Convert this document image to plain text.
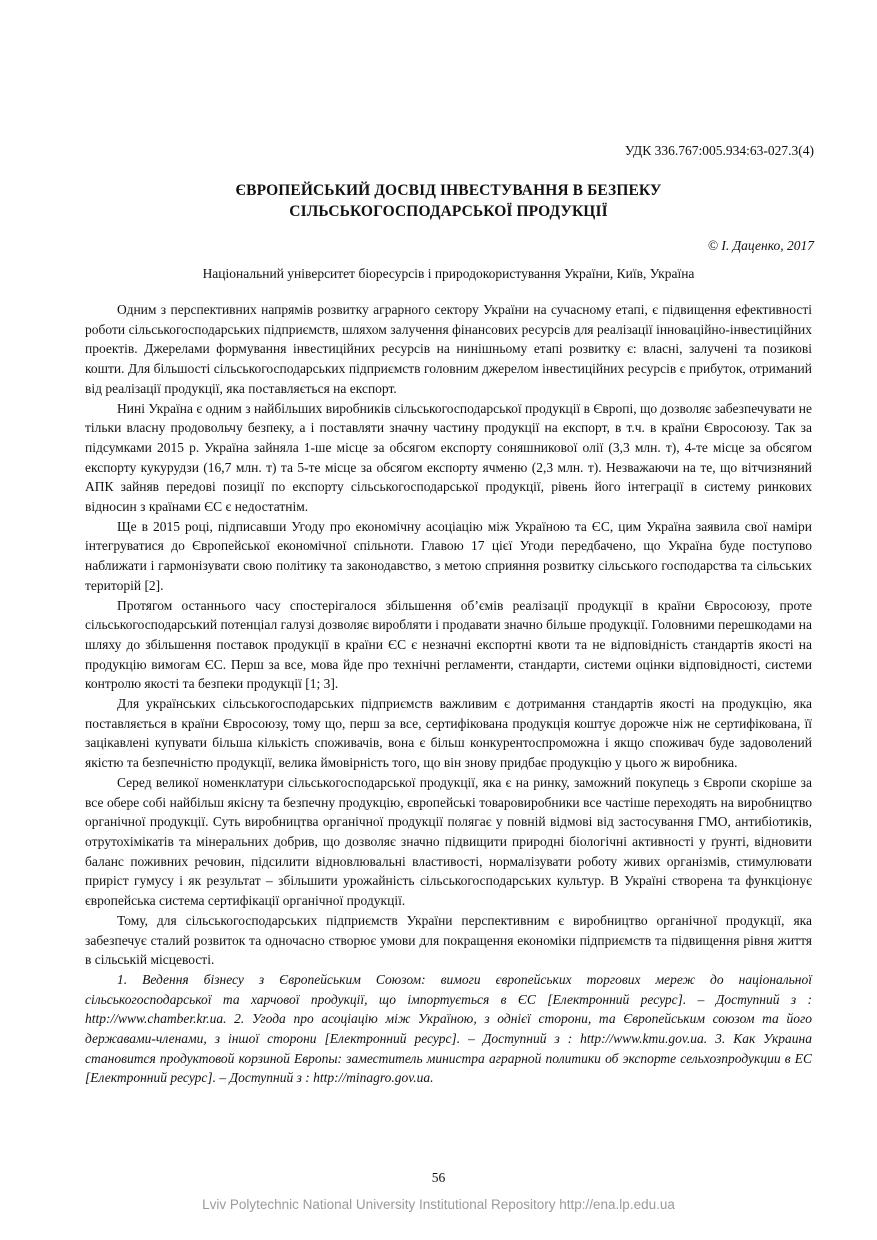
УДК 336.767:005.934:63-027.3(4)
ЄВРОПЕЙСЬКИЙ ДОСВІД ІНВЕСТУВАННЯ В БЕЗПЕКУ
СІЛЬСЬКОГОСПОДАРСЬКОЇ ПРОДУКЦІЇ
© І. Даценко, 2017
Національний університет біоресурсів і природокористування України, Київ, Україна

Одним з перспективних напрямів розвитку аграрного сектору України на сучасному етапі, є підвищення ефективності роботи сільськогосподарських підприємств, шляхом залучення фінансових ресурсів для реалізації інноваційно-інвестиційних проектів. Джерелами формування інвестиційних ресурсів на нинішньому етапі розвитку є: власні, залучені та позикові кошти. Для більшості сільськогосподарських підприємств головним джерелом інвестиційних ресурсів є прибуток, отриманий від реалізації продукції, яка поставляється на експорт.

Нині Україна є одним з найбільших виробників сільськогосподарської продукції в Європі, що дозволяє забезпечувати не тільки власну продовольчу безпеку, а і поставляти значну частину продукції на експорт, в т.ч. в країни Євросоюзу. Так за підсумками 2015 р. Україна зайняла 1-ше місце за обсягом експорту соняшникової олії (3,3 млн. т), 4-те місце за обсягом експорту кукурудзи (16,7 млн. т) та 5-те місце за обсягом експорту ячменю (2,3 млн. т). Незважаючи на те, що вітчизняний АПК зайняв передові позиції по експорту сільськогосподарської продукції, рівень його інтеграції в систему ринкових відносин з країнами ЄС є недостатнім.

Ще в 2015 році, підписавши Угоду про економічну асоціацію між Україною та ЄС, цим Україна заявила свої наміри інтегруватися до Європейської економічної спільноти. Главою 17 цієї Угоди передбачено, що Україна буде поступово наближати і гармонізувати свою політику та законодавство, з метою сприяння розвитку сільського господарства та сільських територій [2].

Протягом останнього часу спостерігалося збільшення об’ємів реалізації продукції в країни Євросоюзу, проте сільськогосподарський потенціал галузі дозволяє виробляти і продавати значно більше продукції. Головними перешкодами на шляху до збільшення поставок продукції в країни ЄС є незначні експортні квоти та не відповідність стандартів якості на продукцію вимогам ЄС. Перш за все, мова йде про технічні регламенти, стандарти, системи оцінки відповідності, системи контролю якості та безпеки продукції [1; 3].

Для українських сільськогосподарських підприємств важливим є дотримання стандартів якості на продукцію, яка поставляється в країни Євросоюзу, тому що, перш за все, сертифікована продукція коштує дорожче ніж не сертифікована, її зацікавлені купувати більша кількість споживачів, вона є більш конкурентоспроможна і якщо споживач буде задоволений якістю та безпечністю продукції, велика ймовірність того, що він знову придбає продукцію у цього ж виробника.

Серед великої номенклатури сільськогосподарської продукції, яка є на ринку, заможний покупець з Європи скоріше за все обере собі найбільш якісну та безпечну продукцію, європейські товаровиробники все частіше переходять на виробництво органічної продукції. Суть виробництва органічної продукції полягає у повній відмові від застосування ГМО, антибіотиків, отрутохімікатів та мінеральних добрив, що дозволяє значно підвищити природні біологічні активності у ґрунті, відновити баланс поживних речовин, підсилити відновлювальні властивості, нормалізувати роботу живих організмів, стимулювати приріст гумусу і як результат – збільшити урожайність сільськогосподарських культур. В Україні створена та функціонує європейська система сертифікації органічної продукції.

Тому, для сільськогосподарських підприємств України перспективним є виробництво органічної продукції, яка забезпечує сталий розвиток та одночасно створює умови для покращення економіки підприємств та підвищення рівня життя в сільській місцевості.

1. Ведення бізнесу з Європейським Союзом: вимоги європейських торгових мереж до національної сільськогосподарської та харчової продукції, що імпортується в ЄС [Електронний ресурс]. – Доступний з : http://www.chamber.kr.ua. 2. Угода про асоціацію між Україною, з однієї сторони, та Європейським союзом та його державами-членами, з іншої сторони [Електронний ресурс]. – Доступний з : http://www.kmu.gov.ua. 3. Как Украина становится продуктовой корзиной Европы: заместитель министра аграрной политики об экспорте сельхозпродукции в ЕС [Електронний ресурс]. – Доступний з : http://minagro.gov.ua.

56
Lviv Polytechnic National University Institutional Repository http://ena.lp.edu.ua
